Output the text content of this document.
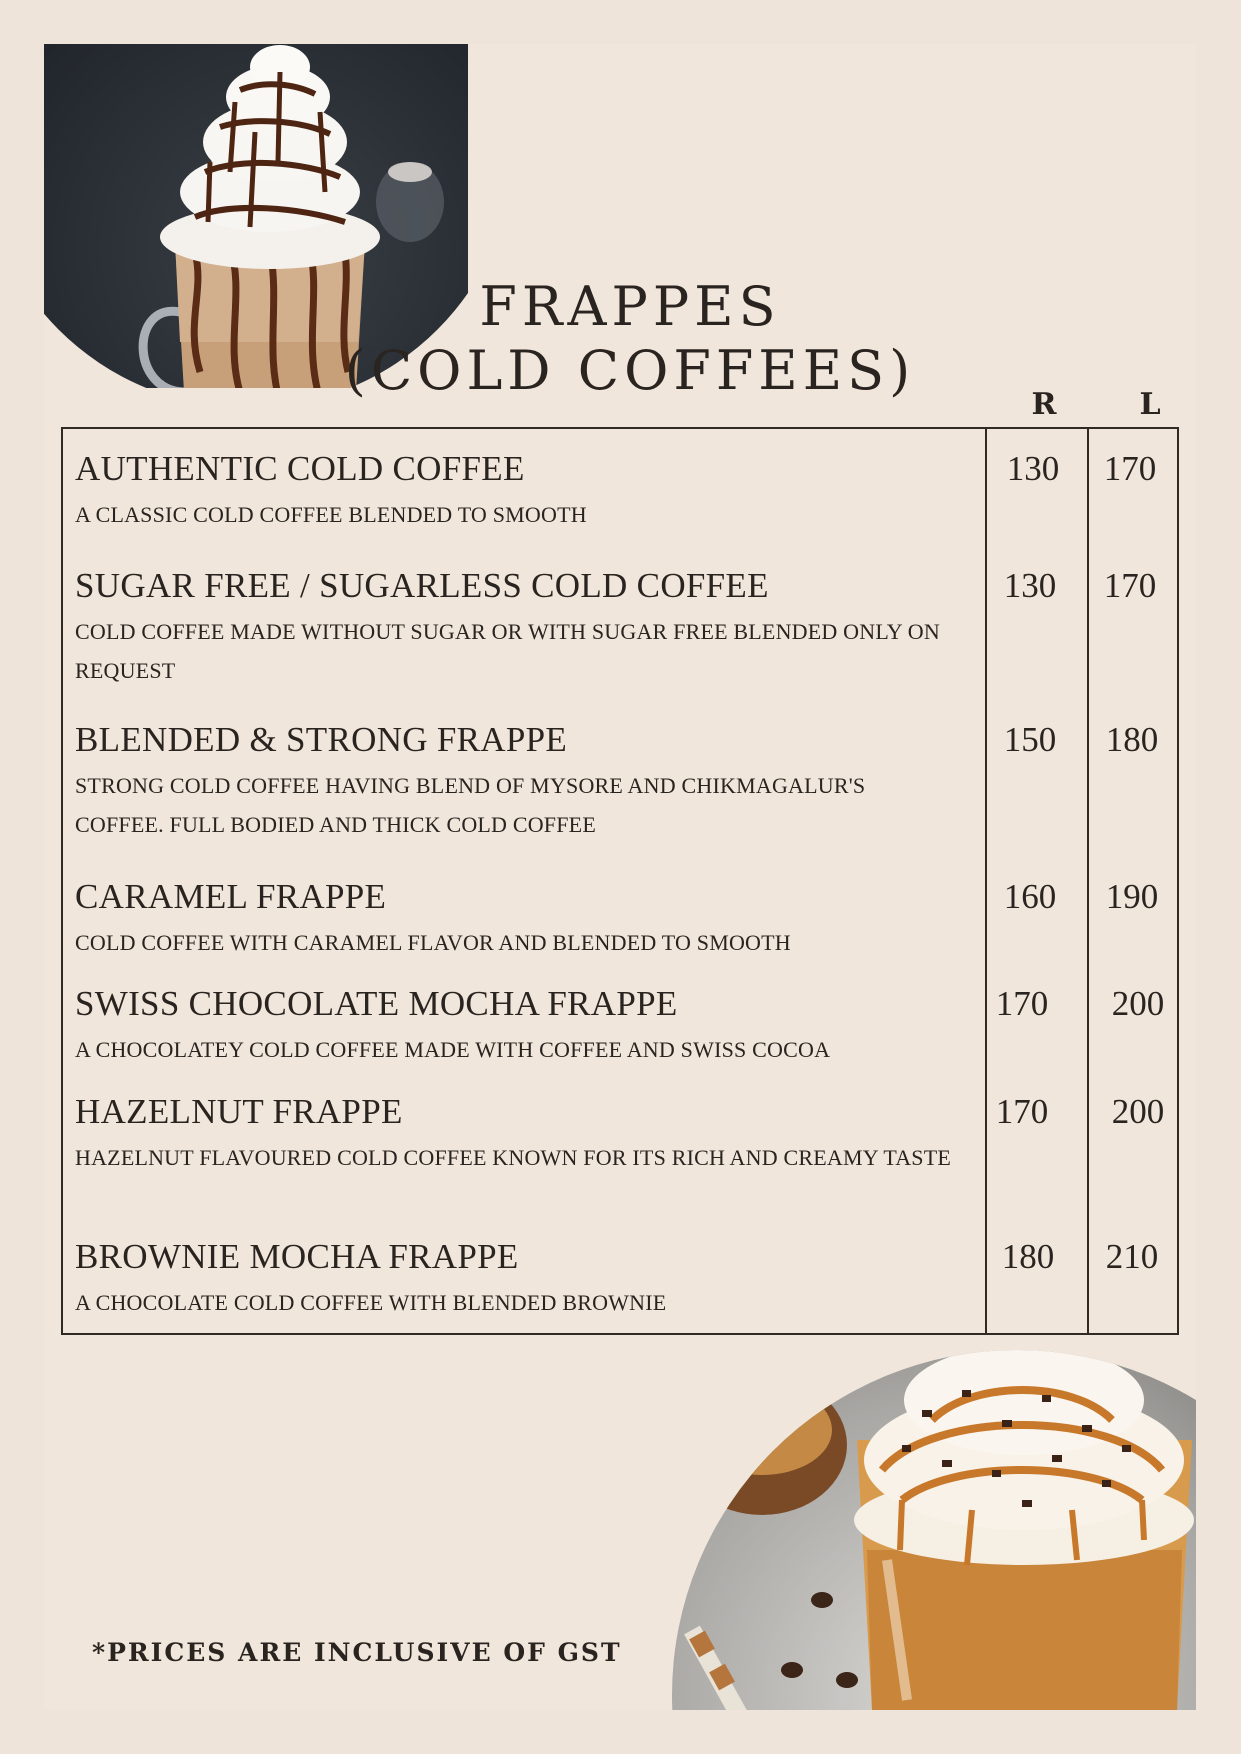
FRAPPES
(COLD COFFEES)
R	L
AUTHENTIC COLD COFFEE
A CLASSIC COLD COFFEE BLENDED TO SMOOTH
130	170
SUGAR FREE / SUGARLESS COLD COFFEE
COLD COFFEE MADE WITHOUT SUGAR OR WITH SUGAR FREE BLENDED ONLY ON REQUEST
130	170
BLENDED & STRONG FRAPPE
STRONG COLD COFFEE HAVING BLEND OF MYSORE AND CHIKMAGALUR'S COFFEE. FULL BODIED AND THICK COLD COFFEE
150	180
CARAMEL FRAPPE
COLD COFFEE WITH CARAMEL FLAVOR AND BLENDED TO SMOOTH
160	190
SWISS CHOCOLATE MOCHA FRAPPE
A CHOCOLATEY COLD COFFEE MADE WITH COFFEE AND SWISS COCOA
170	200
HAZELNUT FRAPPE
HAZELNUT FLAVOURED COLD COFFEE KNOWN FOR ITS RICH AND CREAMY TASTE
170	200
BROWNIE MOCHA FRAPPE
A CHOCOLATE COLD COFFEE WITH BLENDED BROWNIE
180	210
*PRICES ARE INCLUSIVE OF GST
